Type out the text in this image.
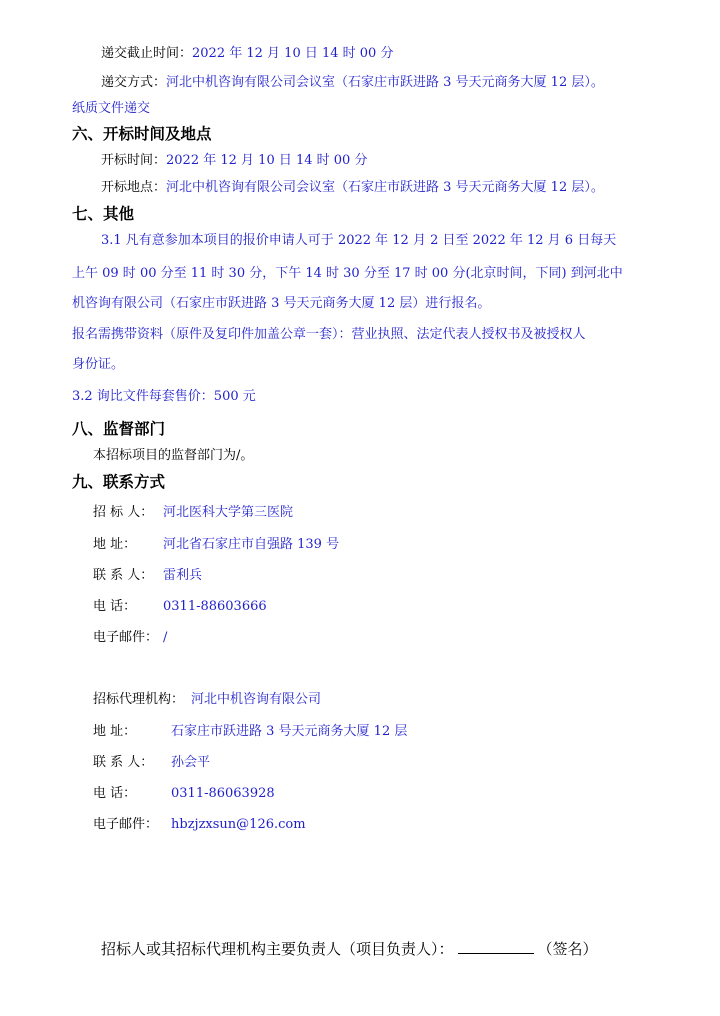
递交截止时间：2022 年 12 月 10 日 14 时 00 分
递交方式：河北中机咨询有限公司会议室（石家庄市跃进路 3 号天元商务大厦 12 层）。
纸质文件递交
六、开标时间及地点
开标时间：2022 年 12 月 10 日 14 时 00 分
开标地点：河北中机咨询有限公司会议室（石家庄市跃进路 3 号天元商务大厦 12 层）。
七、其他
3.1 凡有意参加本项目的报价申请人可于 2022 年 12 月 2 日至 2022 年 12 月 6 日每天
上午 09 时 00 分至 11 时 30 分，下午 14 时 30 分至 17 时 00 分(北京时间，下同) 到河北中
机咨询有限公司（石家庄市跃进路 3 号天元商务大厦 12 层）进行报名。
报名需携带资料（原件及复印件加盖公章一套）：营业执照、法定代表人授权书及被授权人
身份证。
3.2 询比文件每套售价：500 元
八、监督部门
本招标项目的监督部门为/。
九、联系方式
招 标 人： 河北医科大学第三医院
地 址： 河北省石家庄市自强路 139 号
联 系 人： 雷利兵
电 话： 0311-88603666
电子邮件： /
招标代理机构： 河北中机咨询有限公司
地 址：	石家庄市跃进路 3 号天元商务大厦 12 层
联 系 人： 孙会平
电 话：	0311-86063928
电子邮件： hbzjzxsun@126.com
招标人或其招标代理机构主要负责人（项目负责人）：	（签名）
